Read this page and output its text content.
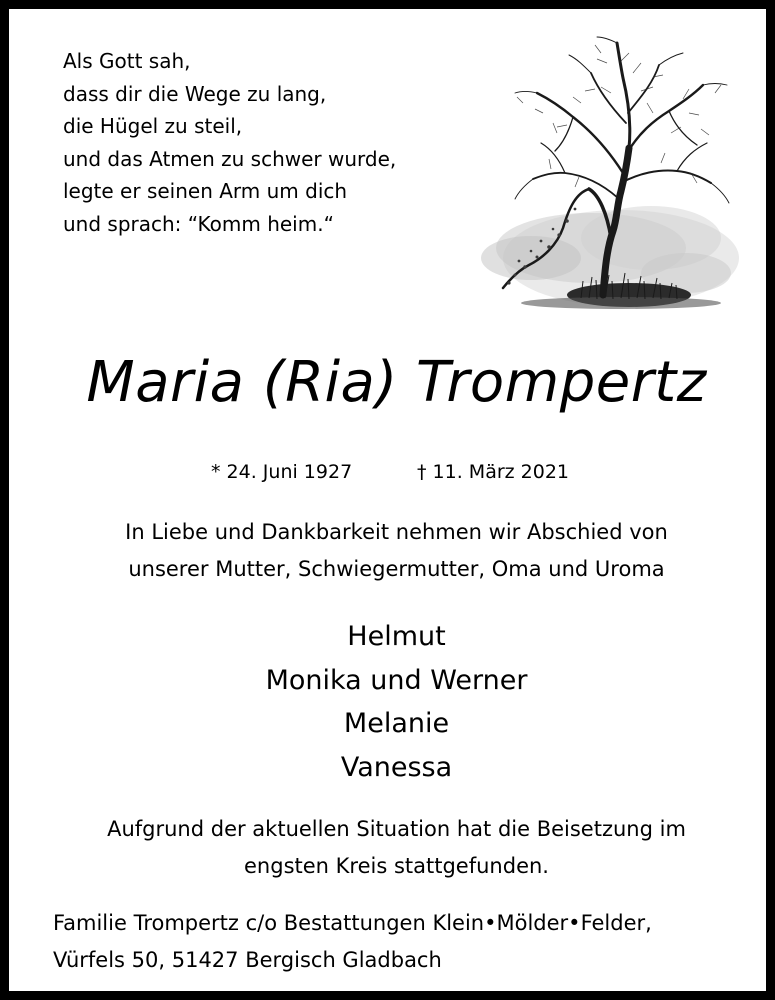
Als Gott sah,
dass dir die Wege zu lang,
die Hügel zu steil,
und das Atmen zu schwer wurde,
legte er seinen Arm um dich
und sprach: “Komm heim.“
Maria (Ria) Trompertz
* 24. Juni 1927	† 11. März 2021
In Liebe und Dankbarkeit nehmen wir Abschied von
unserer Mutter, Schwiegermutter, Oma und Uroma
Helmut
Monika und Werner
Melanie
Vanessa
Aufgrund der aktuellen Situation hat die Beisetzung im
engsten Kreis stattgefunden.
Familie Trompertz c/o Bestattungen Klein•Mölder•Felder,
Vürfels 50, 51427 Bergisch Gladbach
